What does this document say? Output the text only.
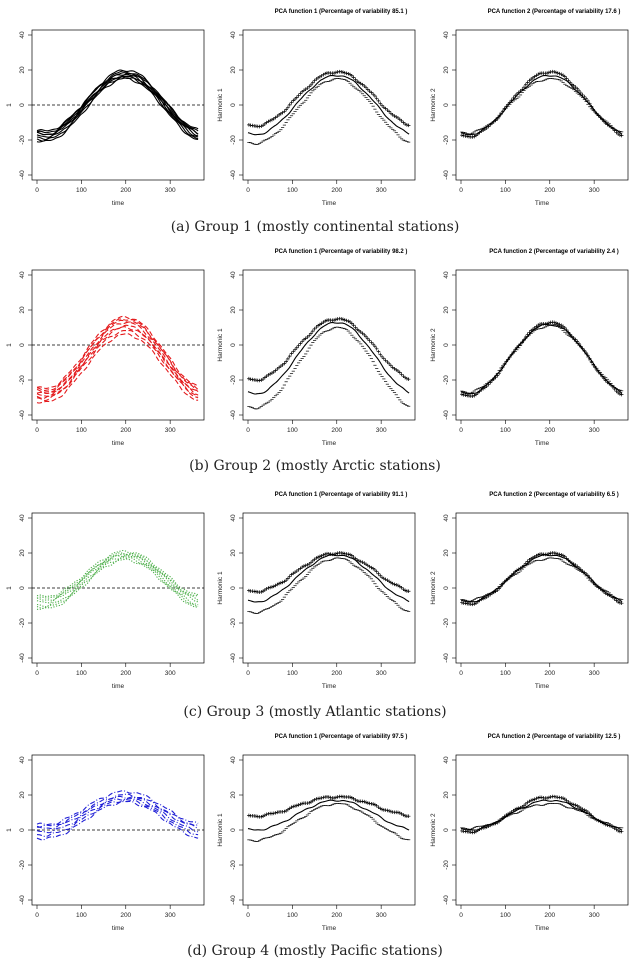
0	100	200	300
-40
-20
0
20
40
time
1
PCA function 1 (Percentage of variability 85.1 )
0	100	200	300
-40
-20
0
20
40
Time
Harmonic 1
PCA function 2 (Percentage of variability 17.6 )
0	100	200	300
-40
-20
0
20
40
Time
Harmonic 2
(a) Group 1 (mostly continental stations)
0	100	200	300
-40
-20
0
20
40
time
1
PCA function 1 (Percentage of variability 98.2 )
0	100	200	300
-40
-20
0
20
40
Time
Harmonic 1
PCA function 2 (Percentage of variability 2.4 )
0	100	200	300
-40
-20
0
20
40
Time
Harmonic 2
(b) Group 2 (mostly Arctic stations)
0	100	200	300
-40
-20
0
20
40
time
1
PCA function 1 (Percentage of variability 91.1 )
0	100	200	300
-40
-20
0
20
40
Time
Harmonic 1
PCA function 2 (Percentage of variability 6.5 )
0	100	200	300
-40
-20
0
20
40
Time
Harmonic 2
(c) Group 3 (mostly Atlantic stations)
0	100	200	300
-40
-20
0
20
40
time
1
PCA function 1 (Percentage of variability 97.5 )
0	100	200	300
-40
-20
0
20
40
Time
Harmonic 1
PCA function 2 (Percentage of variability 12.5 )
0	100	200	300
-40
-20
0
20
40
Time
Harmonic 2
(d) Group 4 (mostly Pacific stations)
